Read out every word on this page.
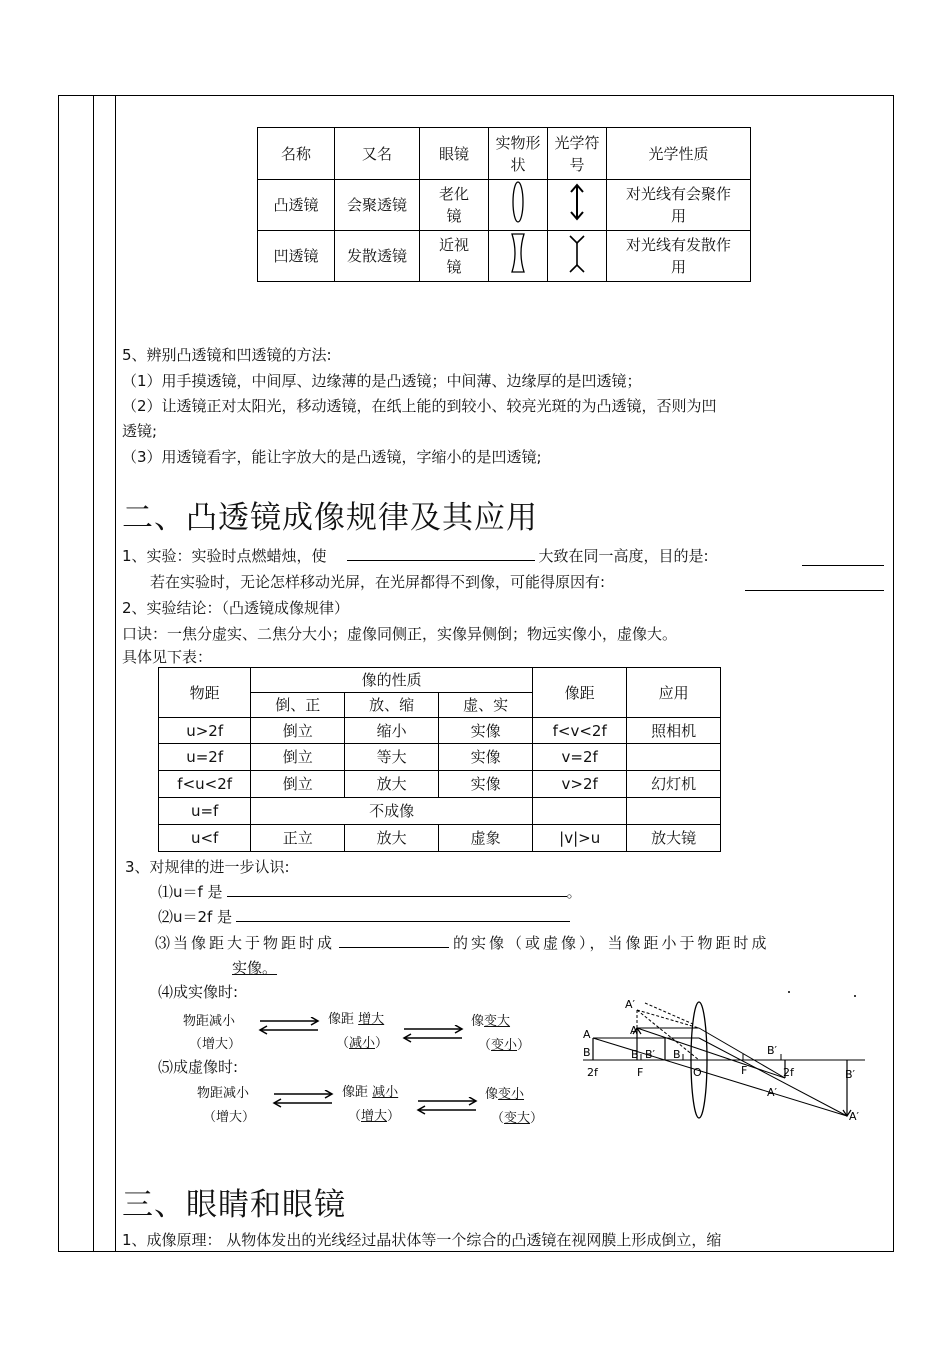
名称	又名	眼镜	实物形状	光学符号	光学性质
凸透镜	会聚透镜	老化镜			对光线有会聚作用
凹透镜	发散透镜	近视镜			对光线有发散作用
5、辨别凸透镜和凹透镜的方法:
（1）用手摸透镜，中间厚、边缘薄的是凸透镜；中间薄、边缘厚的是凹透镜；
（2）让透镜正对太阳光，移动透镜，在纸上能的到较小、较亮光斑的为凸透镜，否则为凹
透镜;
（3）用透镜看字，能让字放大的是凸透镜，字缩小的是凹透镜;
二、凸透镜成像规律及其应用
1、实验：实验时点燃蜡烛，使	大致在同一高度，目的是:
若在实验时，无论怎样移动光屏，在光屏都得不到像，可能得原因有:
2、实验结论：（凸透镜成像规律）
口诀：一焦分虚实、二焦分大小；虚像同侧正，实像异侧倒；物远实像小，虚像大。
具体见下表：
物距	像的性质			像距	应用
	倒、正	放、缩	虚、实		
u>2f	倒立	缩小	实像	f<v<2f	照相机
u=2f	倒立	等大	实像	v=2f	
f<u<2f	倒立	放大	实像	v>2f	幻灯机
u=f	不成像				
u<f	正立	放大	虚象	|v|>u	放大镜
3、对规律的进一步认识:
⑴u＝f 是	。
⑵u＝2f 是
⑶当像距大于物距时成	的实像（或虚像），当像距小于物距时成
实像。
⑷成实像时:
物距减小
（增大）
像距 增大
（减小）
像变大
（变小）
⑸成虚像时:
物距减小
（增大）
像距 减小
（增大）
像变小
（变大）
A′
A
A
B	B B′ B
2f	F	O	F	2f
B′
B′
A′
A′
三、眼睛和眼镜
1、成像原理： 从物体发出的光线经过晶状体等一个综合的凸透镜在视网膜上形成倒立，缩
